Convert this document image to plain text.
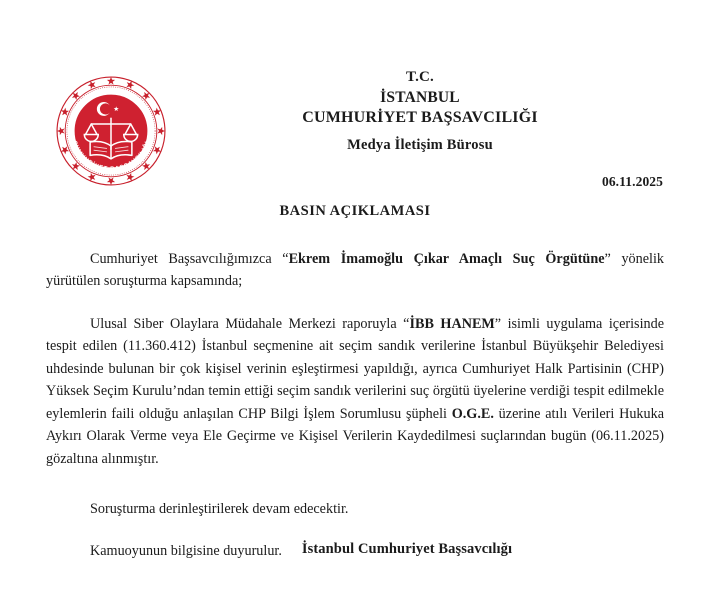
T.C.
CUMHURİYET BAŞSAVCILIĞI
T.C.
İSTANBUL
CUMHURİYET BAŞSAVCILIĞI
Medya İletişim Bürosu
06.11.2025
BASIN AÇIKLAMASI

Cumhuriyet Başsavcılığımızca “Ekrem İmamoğlu Çıkar Amaçlı Suç Örgütüne” yönelik yürütülen soruşturma kapsamında;

Ulusal Siber Olaylara Müdahale Merkezi raporuyla “İBB HANEM” isimli uygulama içerisinde tespit edilen (11.360.412) İstanbul seçmenine ait seçim sandık verilerine İstanbul Büyükşehir Belediyesi uhdesinde bulunan bir çok kişisel verinin eşleştirmesi yapıldığı, ayrıca Cumhuriyet Halk Partisinin (CHP) Yüksek Seçim Kurulu’ndan temin ettiği seçim sandık verilerini suç örgütü üyelerine verdiği tespit edilmekle eylemlerin faili olduğu anlaşılan CHP Bilgi İşlem Sorumlusu şüpheli O.G.E. üzerine atılı Verileri Hukuka Aykırı Olarak Verme veya Ele Geçirme ve Kişisel Verilerin Kaydedilmesi suçlarından bugün (06.11.2025) gözaltına alınmıştır.

Soruşturma derinleştirilerek devam edecektir.

Kamuoyunun bilgisine duyurulur.	İstanbul Cumhuriyet Başsavcılığı
